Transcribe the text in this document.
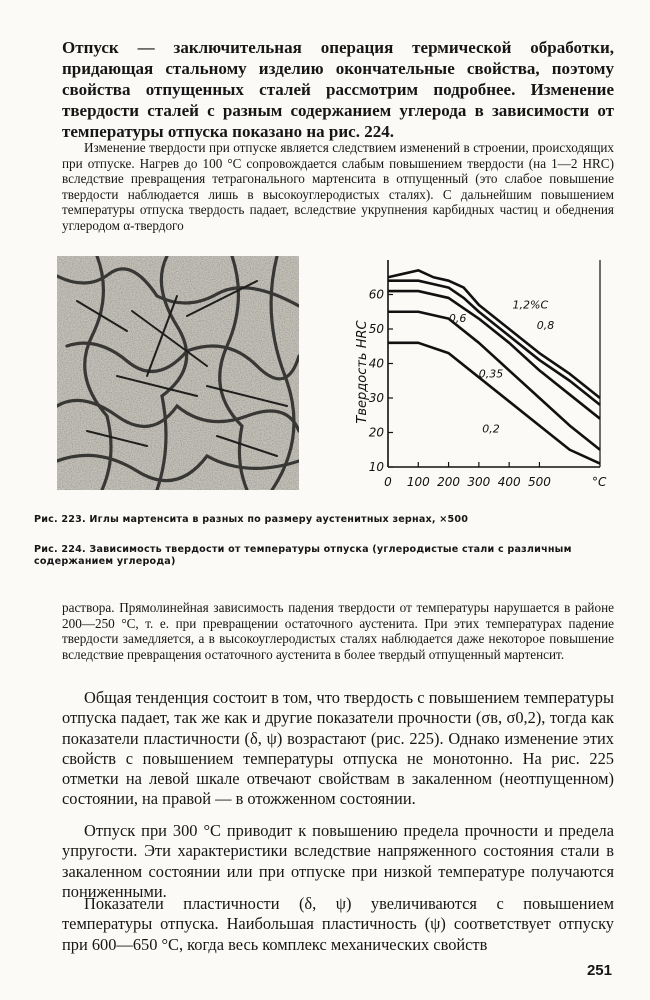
Отпуск — заключительная операция термической обработки, придающая стальному изделию окончательные свойства, поэтому свойства отпущенных сталей рассмотрим подробнее. Изменение твердости сталей с разным содержанием углерода в зависимости от температуры отпуска показано на рис. 224.

Изменение твердости при отпуске является следствием изменений в строении, происходящих при отпуске. Нагрев до 100 °С сопровождается слабым повышением твердости (на 1—2 HRC) вследствие превращения тетрагонального мартенсита в отпущенный (это слабое повышение твердости наблюдается лишь в высокоуглеродистых сталях). С дальнейшим повышением температуры отпуска твердость падает, вследствие укрупнения карбидных частиц и обеднения углеродом α-твердого

10
20
30
40
50
60
0 100 200 300 400 500
1,2%C
0,8
0,6
0,35
0,2
Твердость HRC
°C

Рис. 223. Иглы мартенсита в разных по размеру аустенитных зернах, ×500

Рис. 224. Зависимость твердости от температуры отпуска (углеродистые стали с различным содержанием углерода)

раствора. Прямолинейная зависимость падения твердости от температуры нарушается в районе 200—250 °С, т. е. при превращении остаточного аустенита. При этих температурах падение твердости замедляется, а в высокоуглеродистых сталях наблюдается даже некоторое повышение вследствие превращения остаточного аустенита в более твердый отпущенный мартенсит.

Общая тенденция состоит в том, что твердость с повышением температуры отпуска падает, так же как и другие показатели прочности (σв, σ0,2), тогда как показатели пластичности (δ, ψ) возрастают (рис. 225). Однако изменение этих свойств с повышением температуры отпуска не монотонно. На рис. 225 отметки на левой шкале отвечают свойствам в закаленном (неотпущенном) состоянии, на правой — в отожженном состоянии.

Отпуск при 300 °С приводит к повышению предела прочности и предела упругости. Эти характеристики вследствие напряженного состояния стали в закаленном состоянии или при отпуске при низкой температуре получаются пониженными.

Показатели пластичности (δ, ψ) увеличиваются с повышением температуры отпуска. Наибольшая пластичность (ψ) соответствует отпуску при 600—650 °С, когда весь комплекс механических свойств

251
